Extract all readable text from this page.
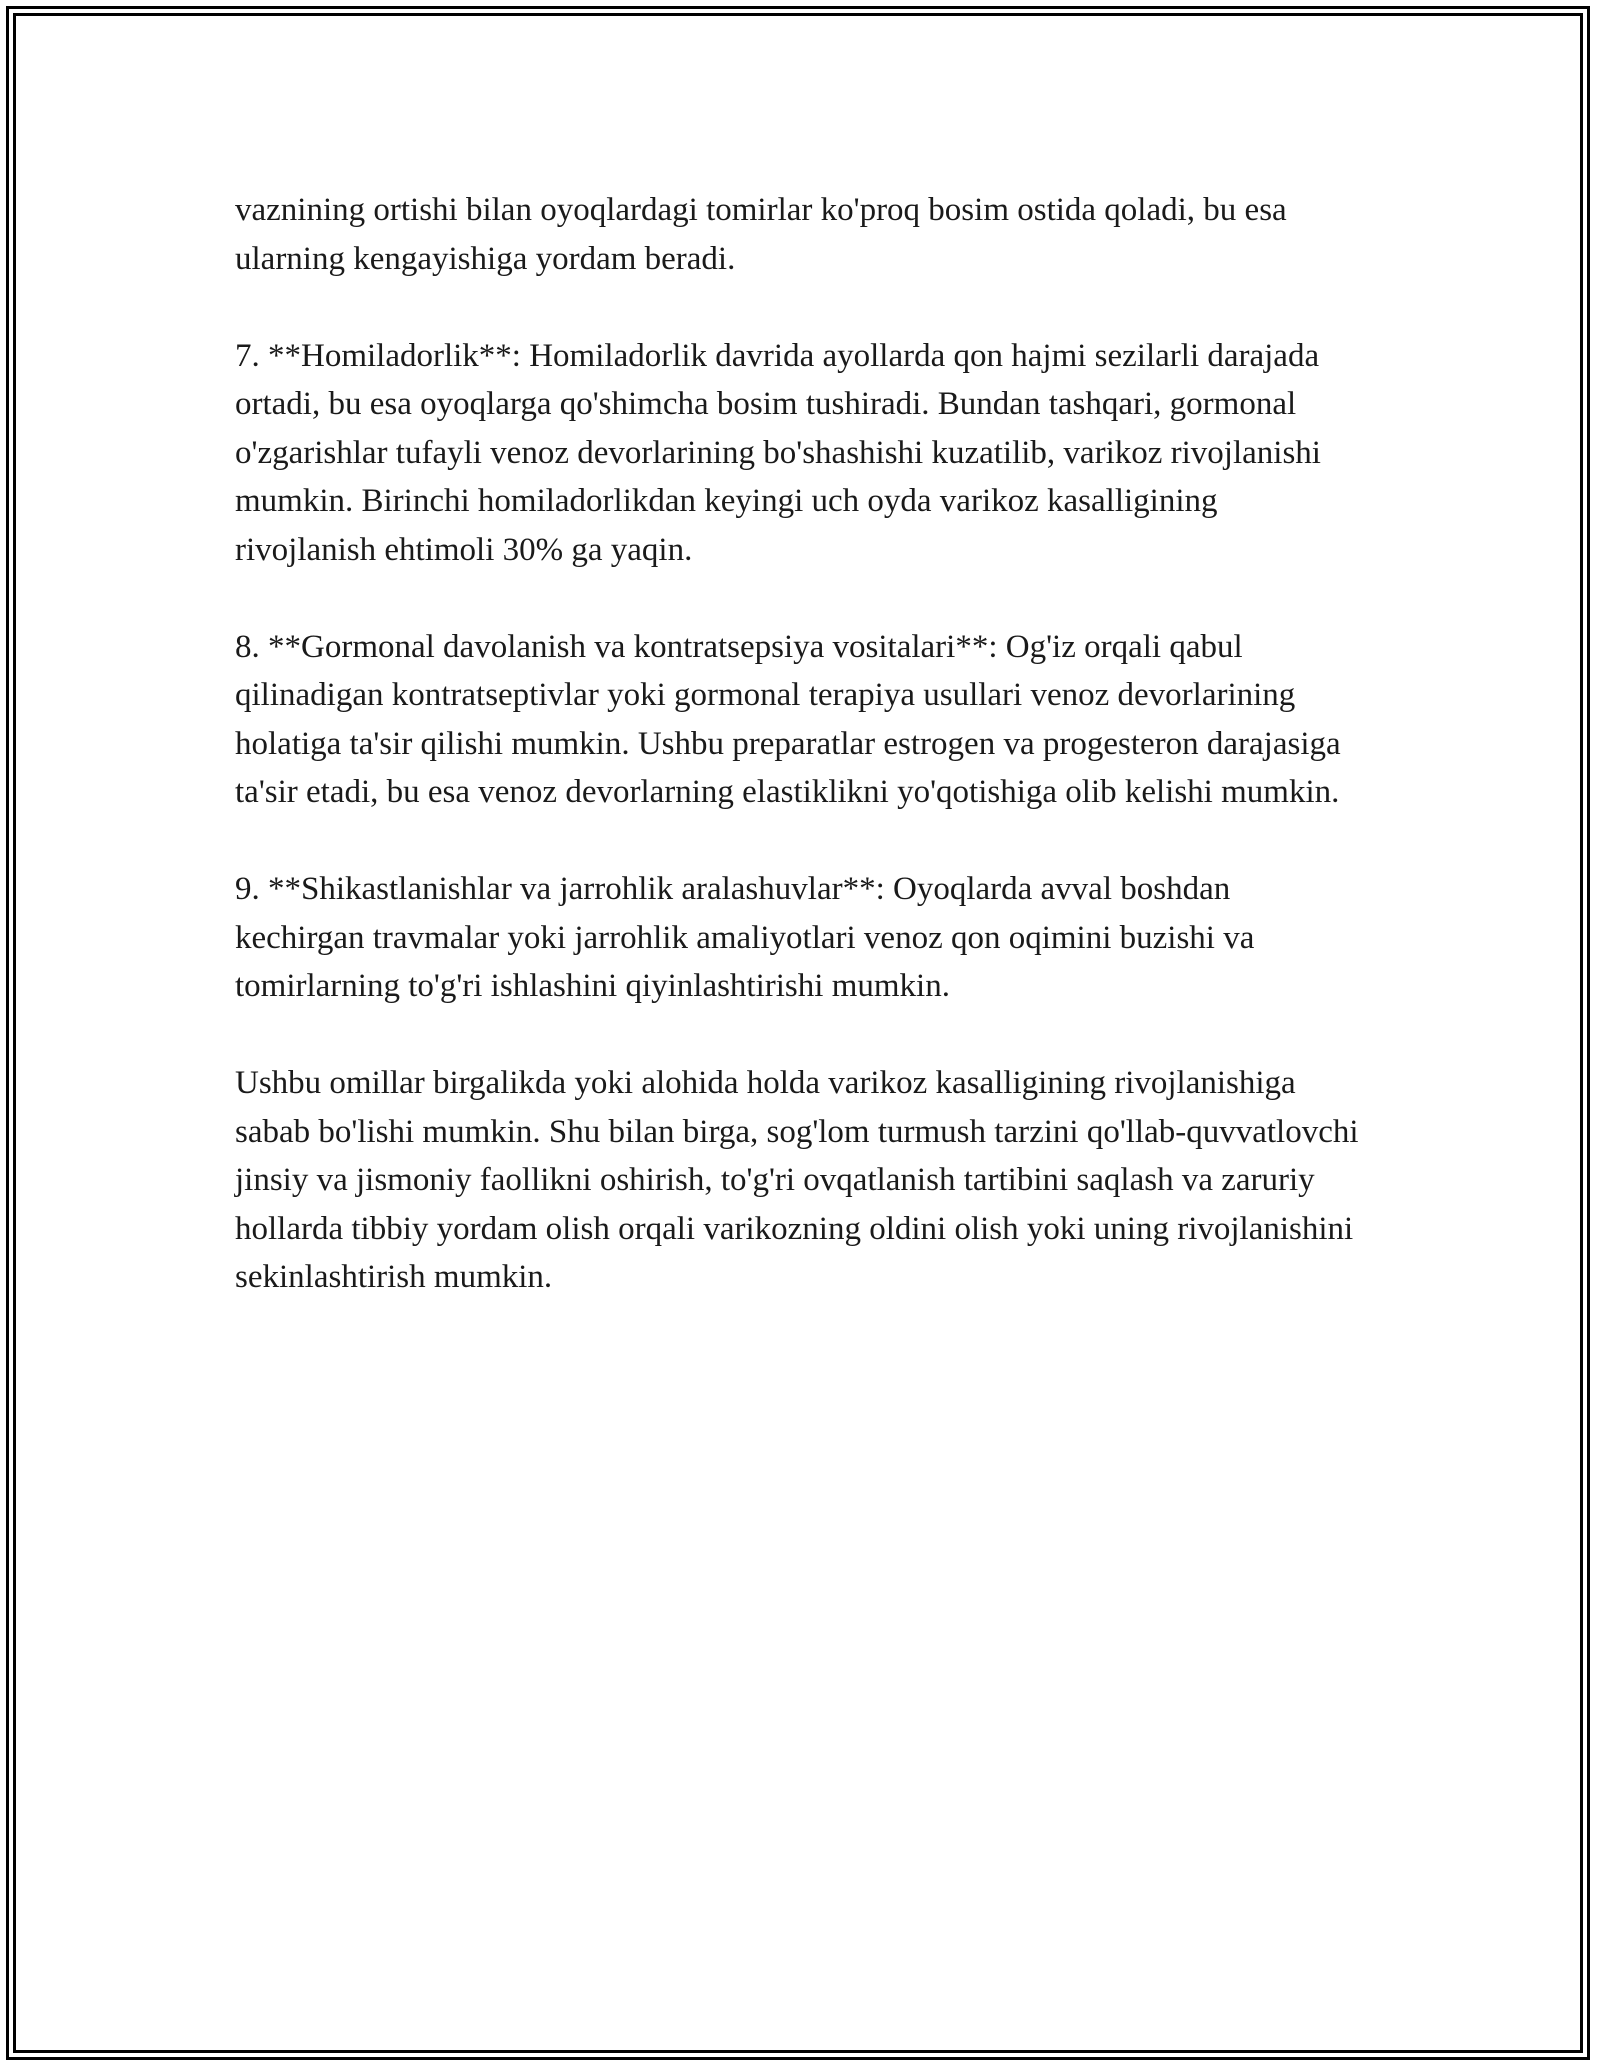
vaznining ortishi bilan oyoqlardagi tomirlar ko'proq bosim ostida qoladi, bu esa ularning kengayishiga yordam beradi.

7. **Homiladorlik**: Homiladorlik davrida ayollarda qon hajmi sezilarli darajada ortadi, bu esa oyoqlarga qo'shimcha bosim tushiradi. Bundan tashqari, gormonal o'zgarishlar tufayli venoz devorlarining bo'shashishi kuzatilib, varikoz rivojlanishi mumkin. Birinchi homiladorlikdan keyingi uch oyda varikoz kasalligining rivojlanish ehtimoli 30% ga yaqin.

8. **Gormonal davolanish va kontratsepsiya vositalari**: Og'iz orqali qabul qilinadigan kontratseptivlar yoki gormonal terapiya usullari venoz devorlarining holatiga ta'sir qilishi mumkin. Ushbu preparatlar estrogen va progesteron darajasiga ta'sir etadi, bu esa venoz devorlarning elastiklikni yo'qotishiga olib kelishi mumkin.

9. **Shikastlanishlar va jarrohlik aralashuvlar**: Oyoqlarda avval boshdan kechirgan travmalar yoki jarrohlik amaliyotlari venoz qon oqimini buzishi va tomirlarning to'g'ri ishlashini qiyinlashtirishi mumkin.

Ushbu omillar birgalikda yoki alohida holda varikoz kasalligining rivojlanishiga sabab bo'lishi mumkin. Shu bilan birga, sog'lom turmush tarzini qo'llab-quvvatlovchi jinsiy va jismoniy faollikni oshirish, to'g'ri ovqatlanish tartibini saqlash va zaruriy hollarda tibbiy yordam olish orqali varikozning oldini olish yoki uning rivojlanishini sekinlashtirish mumkin.
